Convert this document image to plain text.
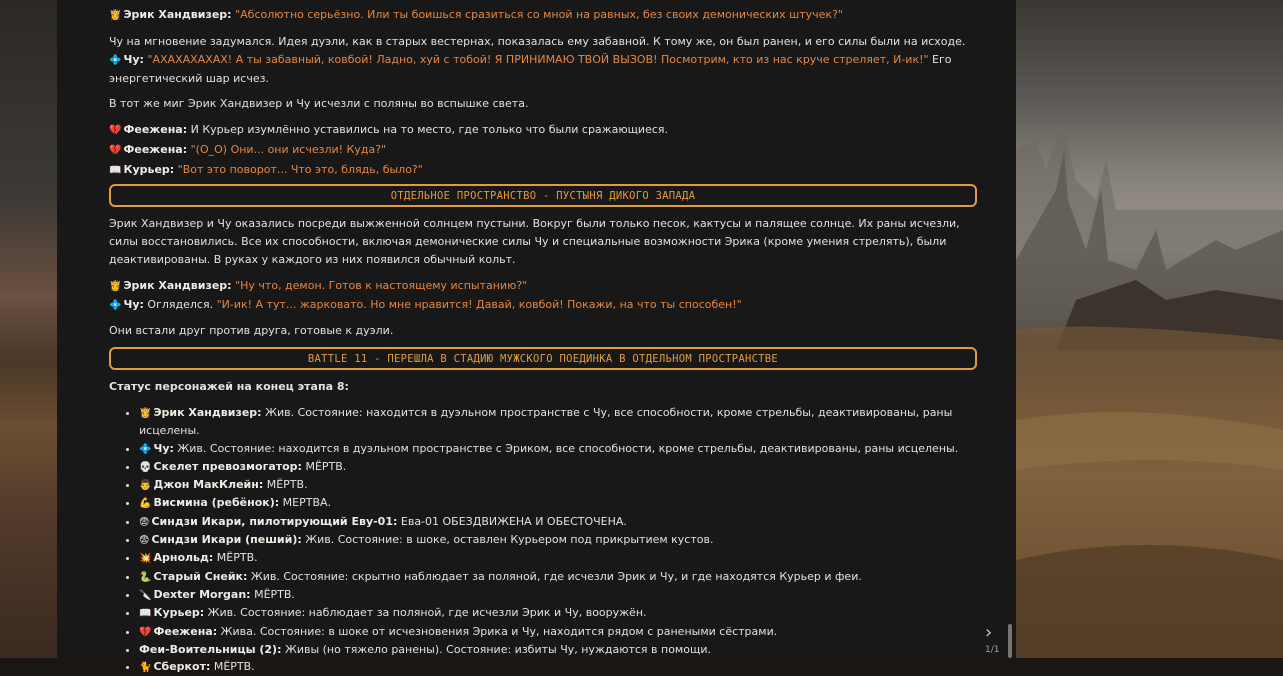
👸 Эрик Хандвизер: "Абсолютно серьёзно. Или ты боишься сразиться со мной на равных, без своих демонических штучек?"

Чу на мгновение задумался. Идея дуэли, как в старых вестернах, показалась ему забавной. К тому же, он был ранен, и его силы были на исходе.

💠 Чу: "АХАХАХАХАХ! А ты забавный, ковбой! Ладно, хуй с тобой! Я ПРИНИМАЮ ТВОЙ ВЫЗОВ! Посмотрим, кто из нас круче стреляет, И-ик!" Его энергетический шар исчез.

В тот же миг Эрик Хандвизер и Чу исчезли с поляны во вспышке света.

💔 Феежена: И Курьер изумлённо уставились на то место, где только что были сражающиеся.

💔 Феежена: "(О_О) Они... они исчезли! Куда?"

📖 Курьер: "Вот это поворот... Что это, блядь, было?"

ОТДЕЛЬНОЕ ПРОСТРАНСТВО - ПУСТЫНЯ ДИКОГО ЗАПАДА

Эрик Хандвизер и Чу оказались посреди выжженной солнцем пустыни. Вокруг были только песок, кактусы и палящее солнце. Их раны исчезли, силы восстановились. Все их способности, включая демонические силы Чу и специальные возможности Эрика (кроме умения стрелять), были деактивированы. В руках у каждого из них появился обычный кольт.

👸 Эрик Хандвизер: "Ну что, демон. Готов к настоящему испытанию?"

💠 Чу: Огляделся. "И-ик! А тут... жарковато. Но мне нравится! Давай, ковбой! Покажи, на что ты способен!"

Они встали друг против друга, готовые к дуэли.

BATTLE 11 - ПЕРЕШЛА В СТАДИЮ МУЖСКОГО ПОЕДИНКА В ОТДЕЛЬНОМ ПРОСТРАНСТВЕ

Статус персонажей на конец этапа 8:

• 👸 Эрик Хандвизер: Жив. Состояние: находится в дуэльном пространстве с Чу, все способности, кроме стрельбы, деактивированы, раны исцелены.
• 💠 Чу: Жив. Состояние: находится в дуэльном пространстве с Эриком, все способности, кроме стрельбы, деактивированы, раны исцелены.
• 💀 Скелет превозмогатор: МЁРТВ.
• 👨 Джон МакКлейн: МЁРТВ.
• 💪 Висмина (ребёнок): МЕРТВА.
• 😨 Синдзи Икари, пилотирующий Еву-01: Ева-01 ОБЕЗДВИЖЕНА И ОБЕСТОЧЕНА.
• 😨 Синдзи Икари (пеший): Жив. Состояние: в шоке, оставлен Курьером под прикрытием кустов.
• 💥 Арнольд: МЁРТВ.
• 🐍 Старый Снейк: Жив. Состояние: скрытно наблюдает за поляной, где исчезли Эрик и Чу, и где находятся Курьер и феи.
• 🔪 Dexter Morgan: МЁРТВ.
• 📖 Курьер: Жив. Состояние: наблюдает за поляной, где исчезли Эрик и Чу, вооружён.
• 💔 Феежена: Жива. Состояние: в шоке от исчезновения Эрика и Чу, находится рядом с ранеными сёстрами.
• Феи-Воительницы (2): Живы (но тяжело ранены). Состояние: избиты Чу, нуждаются в помощи.
• 🐈 Сберкот: МЁРТВ.
›
1/1
